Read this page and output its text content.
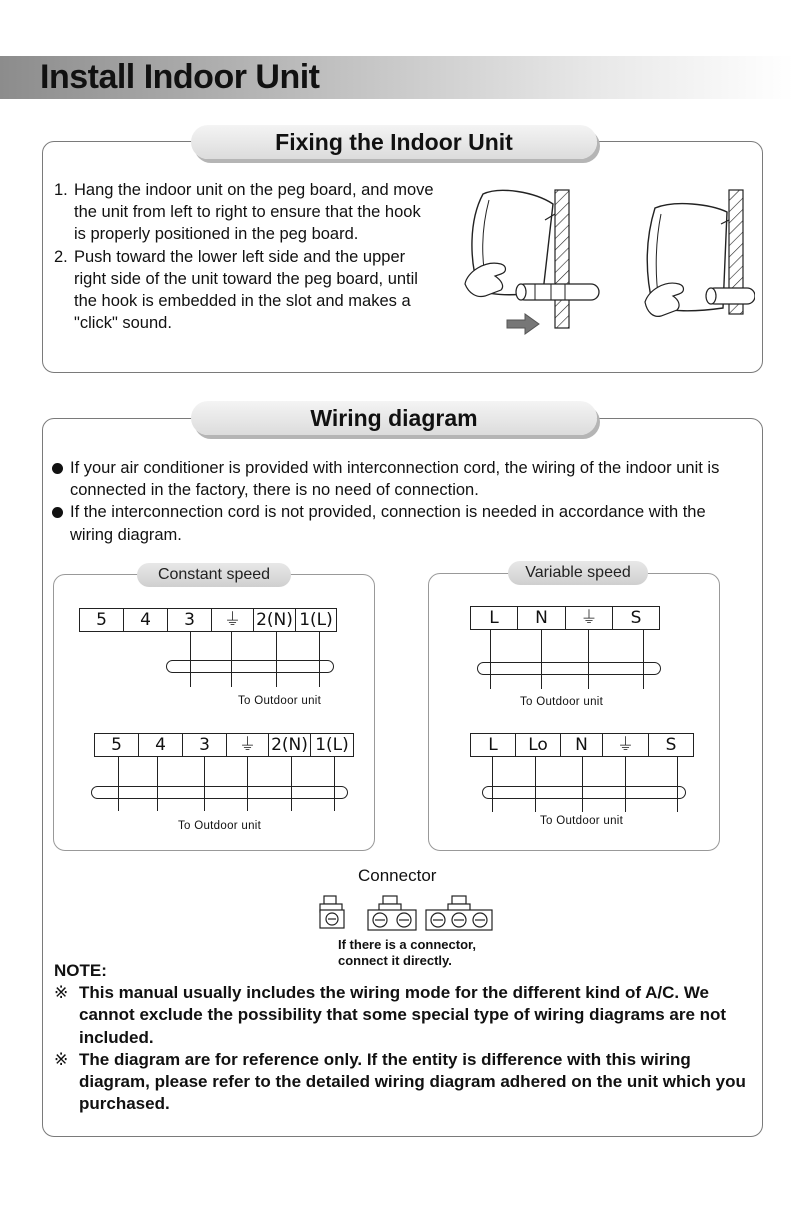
Install Indoor Unit
Fixing the Indoor Unit
1. Hang the indoor unit on the peg board, and move the unit from left to right to ensure that the hook is properly positioned in the peg board.
2. Push toward the lower left side and the upper right side of the unit toward the peg board, until the hook is embedded in the slot and makes a "click" sound.
Wiring diagram
If your air conditioner is provided with interconnection cord, the wiring of the indoor unit is connected in the factory, there is no need of connection.
If the interconnection cord is not provided, connection is needed in accordance with the wiring diagram.
Constant speed
5	4	3	⏚ 2(N) 1(L)
To Outdoor unit
5	4	3	⏚ 2(N) 1(L)
To Outdoor unit
Variable speed
L	N	⏚	S
To Outdoor unit
L	Lo	N	⏚	S
To Outdoor unit
Connector
If there is a connector,
connect it directly.
NOTE:
※ This manual usually includes the wiring mode for the different kind of A/C. We cannot exclude the possibility that some special type of wiring diagrams are not included.
※ The diagram are for reference only. If the entity is difference with this wiring diagram, please refer to the detailed wiring diagram adhered on the unit which you purchased.
